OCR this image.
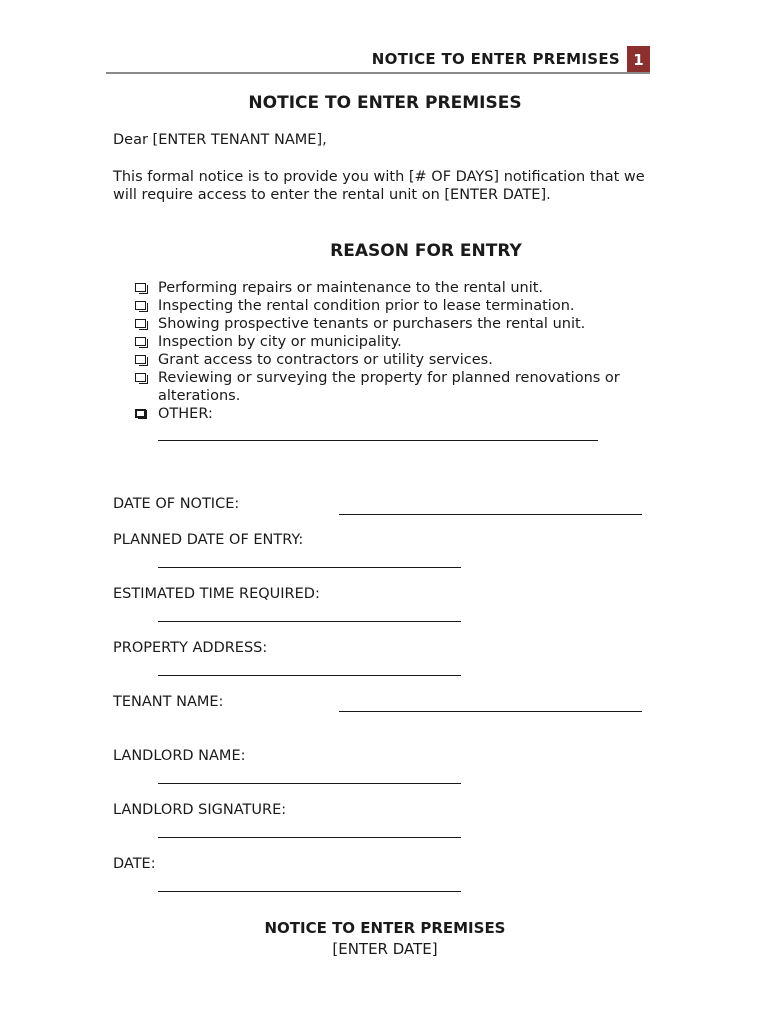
NOTICE TO ENTER PREMISES 1
NOTICE TO ENTER PREMISES
Dear [ENTER TENANT NAME],
This formal notice is to provide you with [# OF DAYS] notification that we will require access to enter the rental unit on [ENTER DATE].
REASON FOR ENTRY
Performing repairs or maintenance to the rental unit.
Inspecting the rental condition prior to lease termination.
Showing prospective tenants or purchasers the rental unit.
Inspection by city or municipality.
Grant access to contractors or utility services.
Reviewing or surveying the property for planned renovations or alterations.
OTHER:
DATE OF NOTICE:
PLANNED DATE OF ENTRY:
ESTIMATED TIME REQUIRED:
PROPERTY ADDRESS:
TENANT NAME:
LANDLORD NAME:
LANDLORD SIGNATURE:
DATE:
NOTICE TO ENTER PREMISES
[ENTER DATE]
